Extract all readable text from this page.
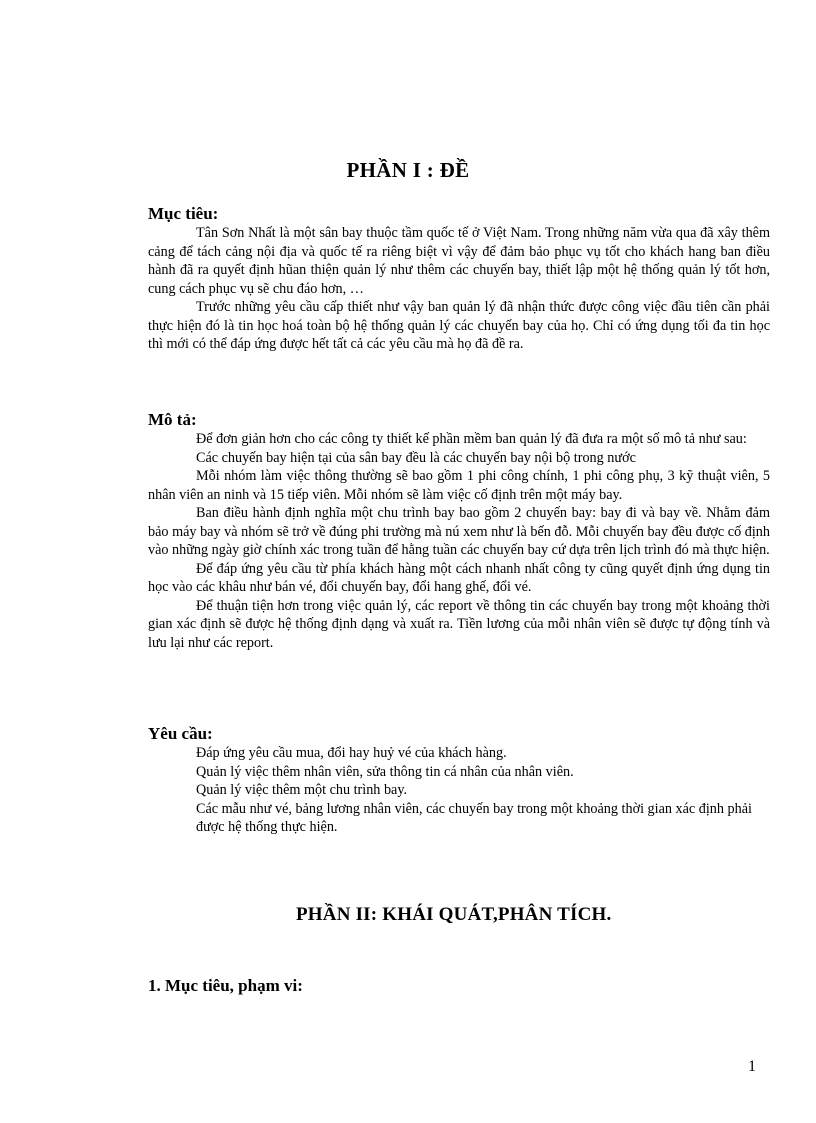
PHẦN I : ĐỀ
Mục tiêu:

Tân Sơn Nhất là một sân bay thuộc tầm quốc tế ở Việt Nam. Trong những năm vừa qua đã xây thêm cảng để tách cảng nội địa và quốc tế ra riêng biệt vì vậy để đảm bảo phục vụ tốt cho khách hang ban điều hành đã ra quyết định hũan thiện quản lý như thêm các chuyến bay, thiết lập một hệ thống quản lý tốt hơn, cung cách phục vụ sẽ chu đáo hơn, …

Trước những yêu cầu cấp thiết như vậy ban quản lý đã nhận thức được công việc đầu tiên cần phải thực hiện đó là tin học hoá toàn bộ hệ thống quản lý các chuyến bay của họ. Chỉ có ứng dụng tối đa tin học thì mới có thể đáp ứng được hết tất cả các yêu cầu mà họ đã đề ra.

Mô tả:

Để đơn giản hơn cho các công ty thiết kế phần mềm ban quản lý đã đưa ra một số mô tả như sau:

Các chuyến bay hiện tại của sân bay đều là các chuyến bay nội bộ trong nước

Mỗi nhóm làm việc thông thường sẽ bao gồm 1 phi công chính, 1 phi công phụ, 3 kỹ thuật viên, 5 nhân viên an ninh và 15 tiếp viên. Mỗi nhóm sẽ làm việc cố định trên một máy bay.

Ban điều hành định nghĩa một chu trình bay bao gồm 2 chuyến bay: bay đi và bay về. Nhằm đảm bảo máy bay và nhóm sẽ trở về đúng phi trường mà nú xem như là bến đỗ. Mỗi chuyến bay đều được cố định vào những ngày giờ chính xác trong tuần để hằng tuần các chuyến bay cứ dựa trên lịch trình đó mà thực hiện.

Để đáp ứng yêu cầu từ phía khách hàng một cách nhanh nhất công ty cũng quyết định ứng dụng tin học vào các khâu như bán vé, đổi chuyến bay, đổi hang ghế, đổi vé.

Để thuận tiện hơn trong việc quản lý, các report về thông tin các chuyến bay trong một khoảng thời gian xác định sẽ được hệ thống định dạng và xuất ra. Tiền lương của mỗi nhân viên sẽ được tự động tính và lưu lại như các report.

Yêu cầu:

Đáp ứng yêu cầu mua, đổi hay huỷ vé của khách hàng.

Quản lý việc thêm nhân viên, sửa thông tin cá nhân của nhân viên.

Quản lý việc thêm một chu trình bay.

Các mẫu như vé, bảng lương nhân viên, các chuyến bay trong một khoảng thời gian xác định phải được hệ thống thực hiện.

PHẦN II: KHÁI QUÁT,PHÂN TÍCH.
1. Mục tiêu, phạm vi:
1
